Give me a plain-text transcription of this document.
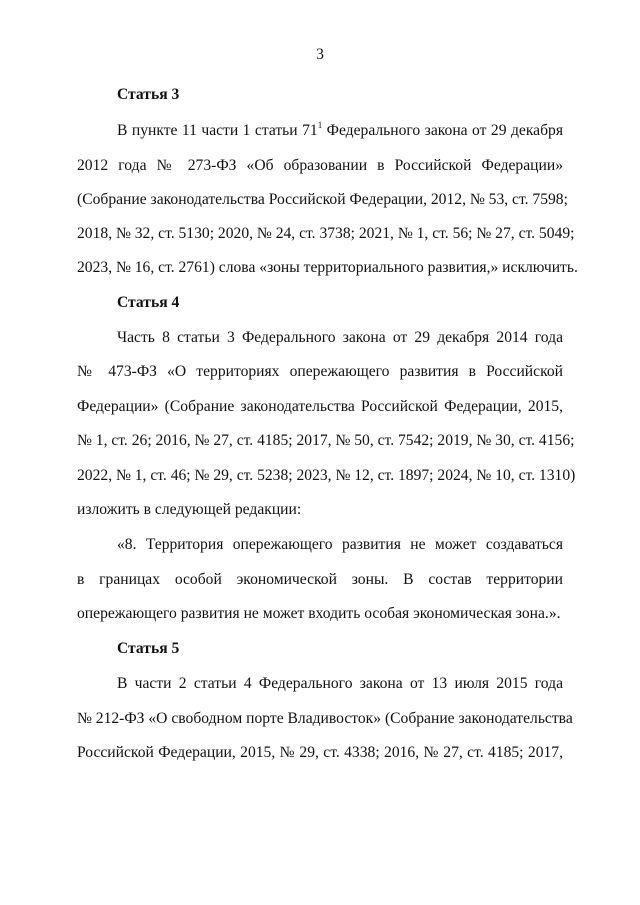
3
Статья 3
В пункте 11 части 1 статьи $71^1$ Федерального закона от 29 декабря
2012 года № 273-ФЗ «Об образовании в Российской Федерации»
(Собрание законодательства Российской Федерации, 2012, № 53, ст. 7598;
2018, № 32, ст. 5130; 2020, № 24, ст. 3738; 2021, № 1, ст. 56; № 27, ст. 5049;
2023, № 16, ст. 2761) слова «зоны территориального развития,» исключить.
Статья 4
Часть 8 статьи 3 Федерального закона от 29 декабря 2014 года
№ 473-ФЗ «О территориях опережающего развития в Российской
Федерации» (Собрание законодательства Российской Федерации, 2015,
№ 1, ст. 26; 2016, № 27, ст. 4185; 2017, № 50, ст. 7542; 2019, № 30, ст. 4156;
2022, № 1, ст. 46; № 29, ст. 5238; 2023, № 12, ст. 1897; 2024, № 10, ст. 1310)
изложить в следующей редакции:
«8. Территория опережающего развития не может создаваться
в границах особой экономической зоны. В состав территории
опережающего развития не может входить особая экономическая зона.».
Статья 5
В части 2 статьи 4 Федерального закона от 13 июля 2015 года
№ 212-ФЗ «О свободном порте Владивосток» (Собрание законодательства
Российской Федерации, 2015, № 29, ст. 4338; 2016, № 27, ст. 4185; 2017,
